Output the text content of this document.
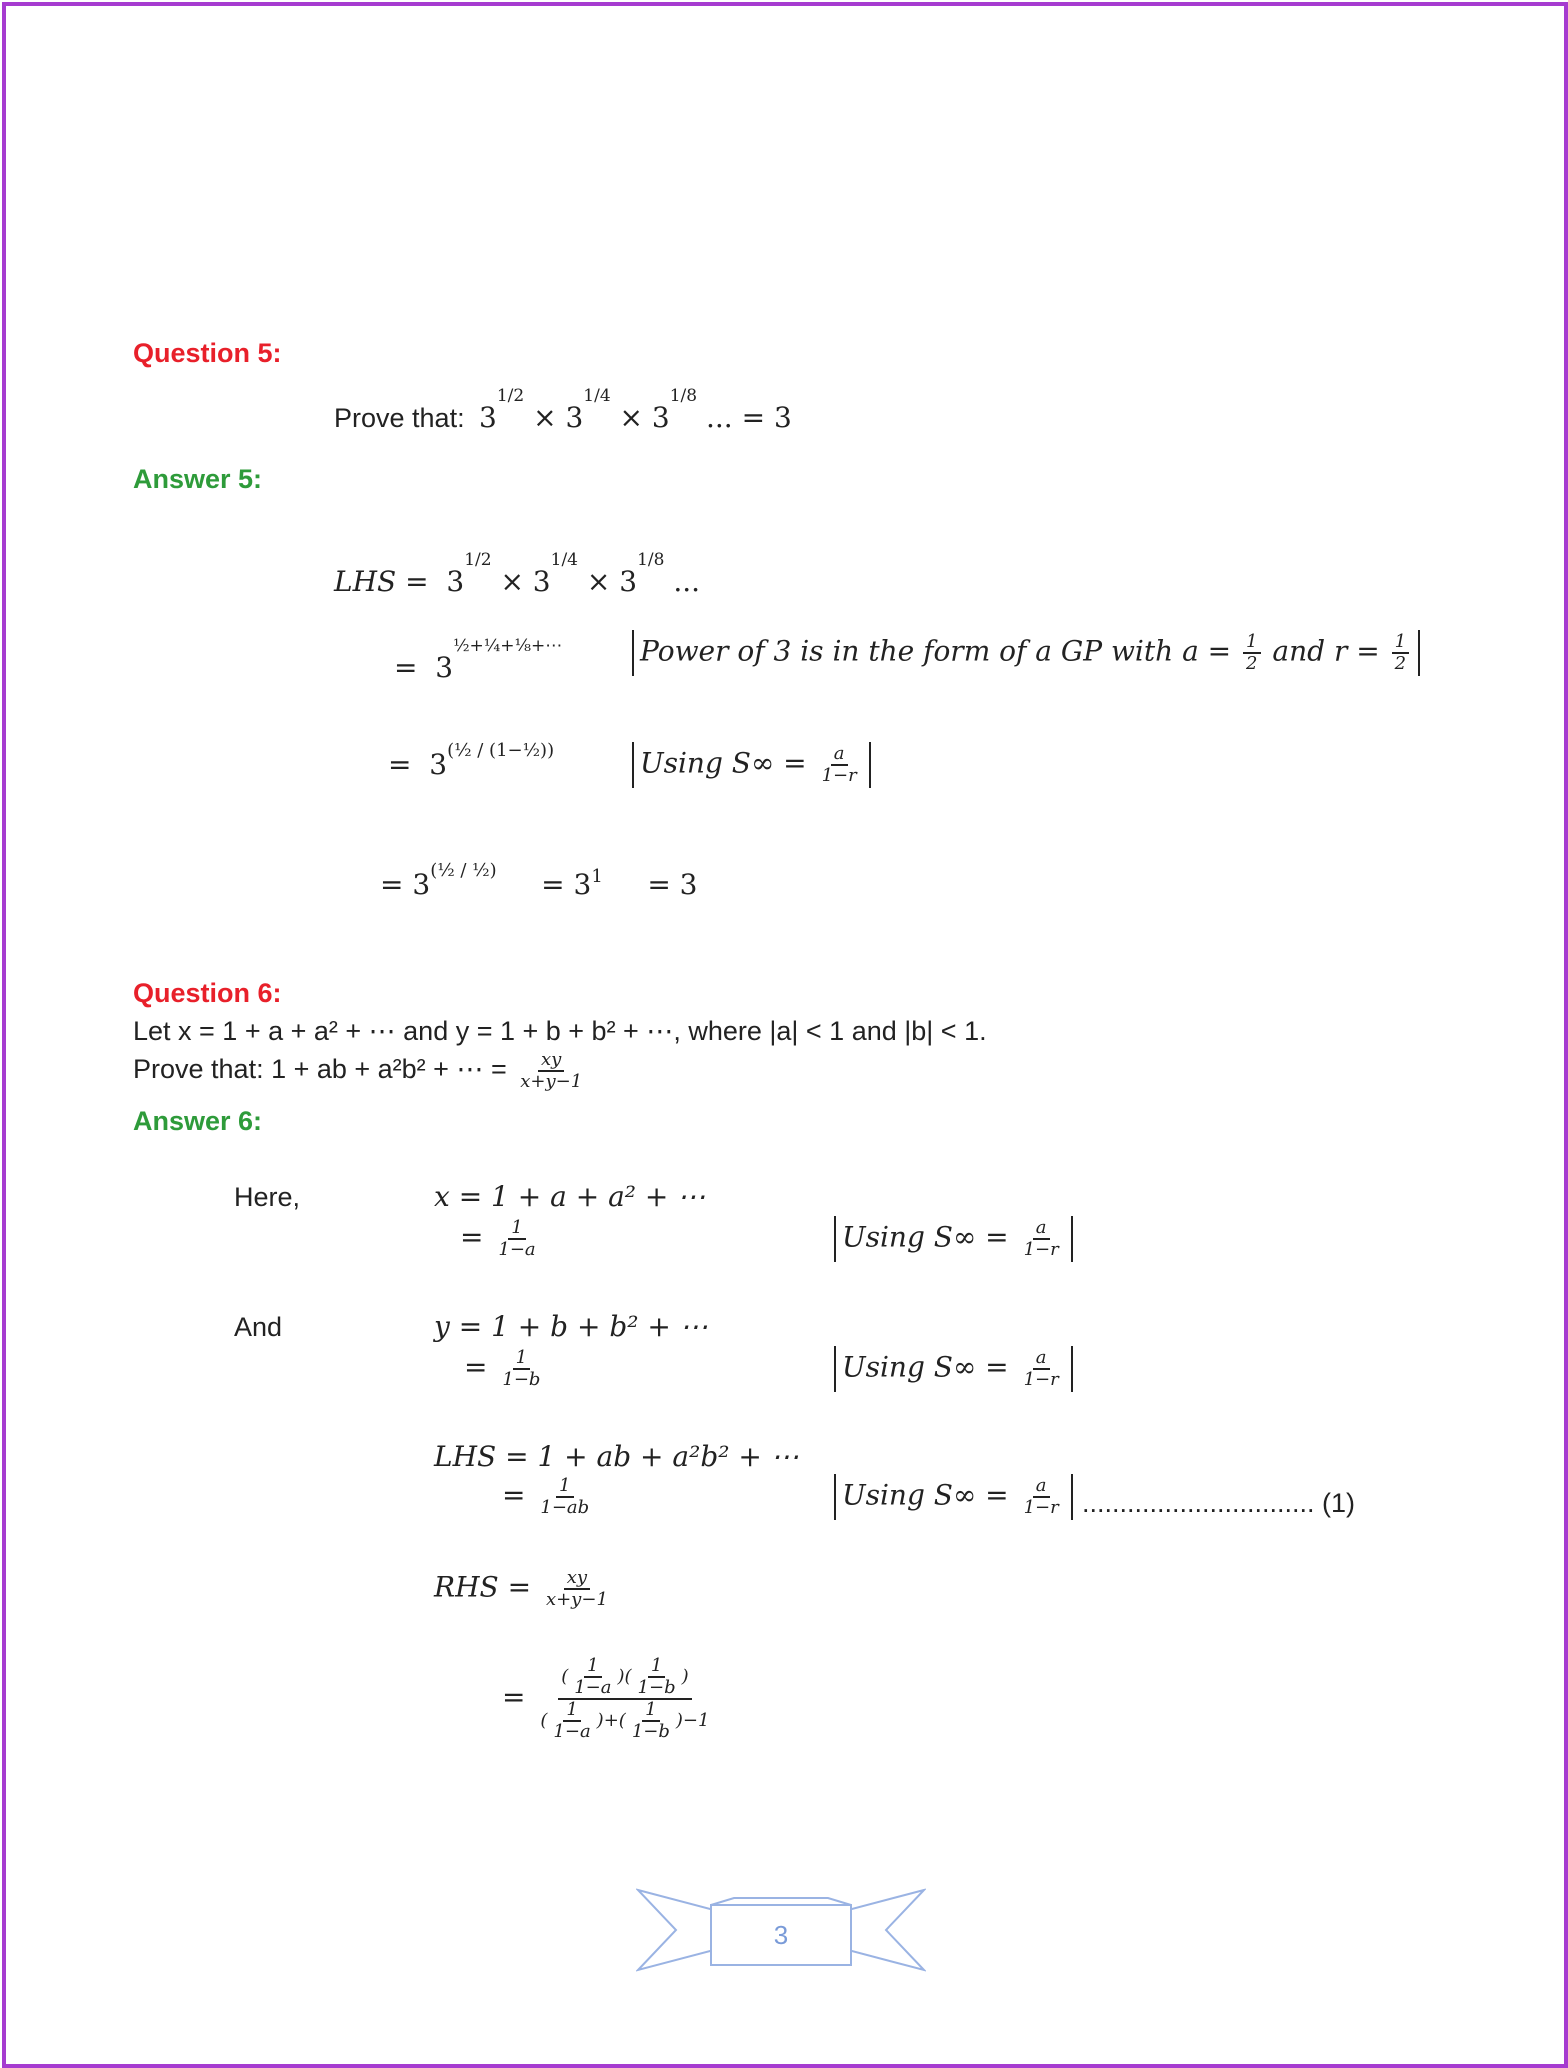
Question 5:
Prove that: $3^{1/2} \times 3^{1/4} \times 3^{1/8}$ ... = 3
Answer 5:
LHS =  $3^{1/2} \times 3^{1/4} \times 3^{1/8}$ ...
=  $3^{\frac{1}{2}+\frac{1}{4}+\frac{1}{8}+\cdots}$	Power of 3 is in the form of a GP with $a = \frac{1}{2}$ and $r = \frac{1}{2}$
=  $3^{(\frac{1}{2} / (1-\frac{1}{2}))}$	Using $S\infty = \frac{a}{1-r}$
= $3^{(\frac{1}{2} / \frac{1}{2})} = 3^1 = 3$
Question 6:
Let x = 1 + a + a² + ⋯ and y = 1 + b + b² + ⋯, where |a| < 1 and |b| < 1.
Prove that: 1 + ab + a²b² + ⋯ = $\frac{xy}{x+y-1}$
Answer 6:
Here,	x = 1 + a + a² + ⋯
= $\frac{1}{1-a}$	Using $S\infty = \frac{a}{1-r}$
And	y = 1 + b + b² + ⋯
= $\frac{1}{1-b}$	Using $S\infty = \frac{a}{1-r}$
LHS = 1 + ab + a²b² + ⋯
= $\frac{1}{1-ab}$	Using $S\infty = \frac{a}{1-r}$ ............................... (1)
RHS = $\frac{xy}{x+y-1}$
= $\frac{( \frac{1}{1-a} )( \frac{1}{1-b} )}{( \frac{1}{1-a} )+( \frac{1}{1-b} )-1}$
3
